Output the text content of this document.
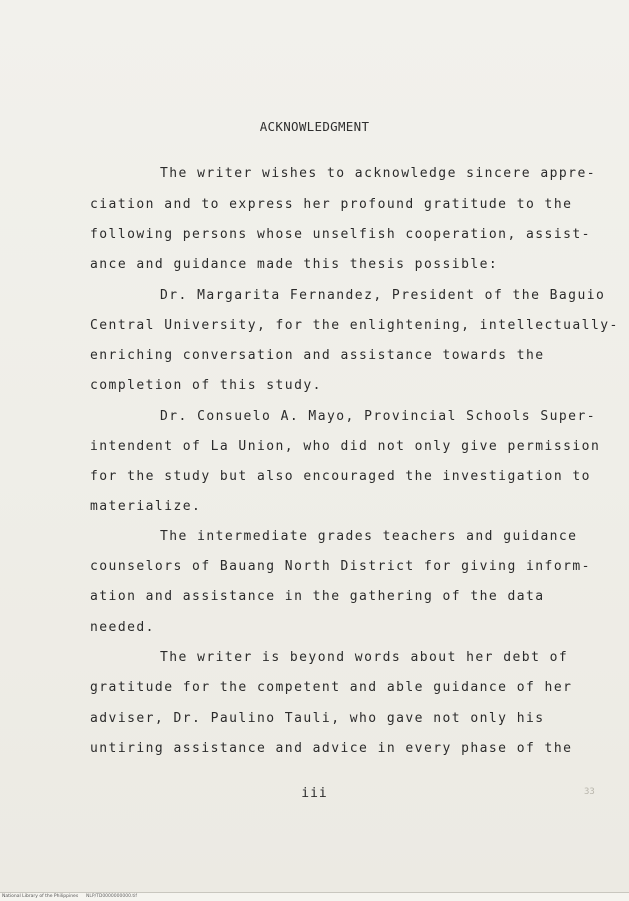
ACKNOWLEDGMENT
The writer wishes to acknowledge sincere appre-
ciation and to express her profound gratitude to the
following persons whose unselfish cooperation, assist-
ance and guidance made this thesis possible:
Dr. Margarita Fernandez, President of the Baguio
Central University, for the enlightening, intellectually-
enriching conversation and assistance towards the
completion of this study.
Dr. Consuelo A. Mayo, Provincial Schools Super-
intendent of La Union, who did not only give permission
for the study but also encouraged the investigation to
materialize.
The intermediate grades teachers and guidance
counselors of Bauang North District for giving inform-
ation and assistance in the gathering of the data
needed.
The writer is beyond words about her debt of
gratitude for the competent and able guidance of her
adviser, Dr. Paulino Tauli, who gave not only his
untiring assistance and advice in every phase of the
iii	33
National Library of the Philippines NLP/TD0000000000.tif
